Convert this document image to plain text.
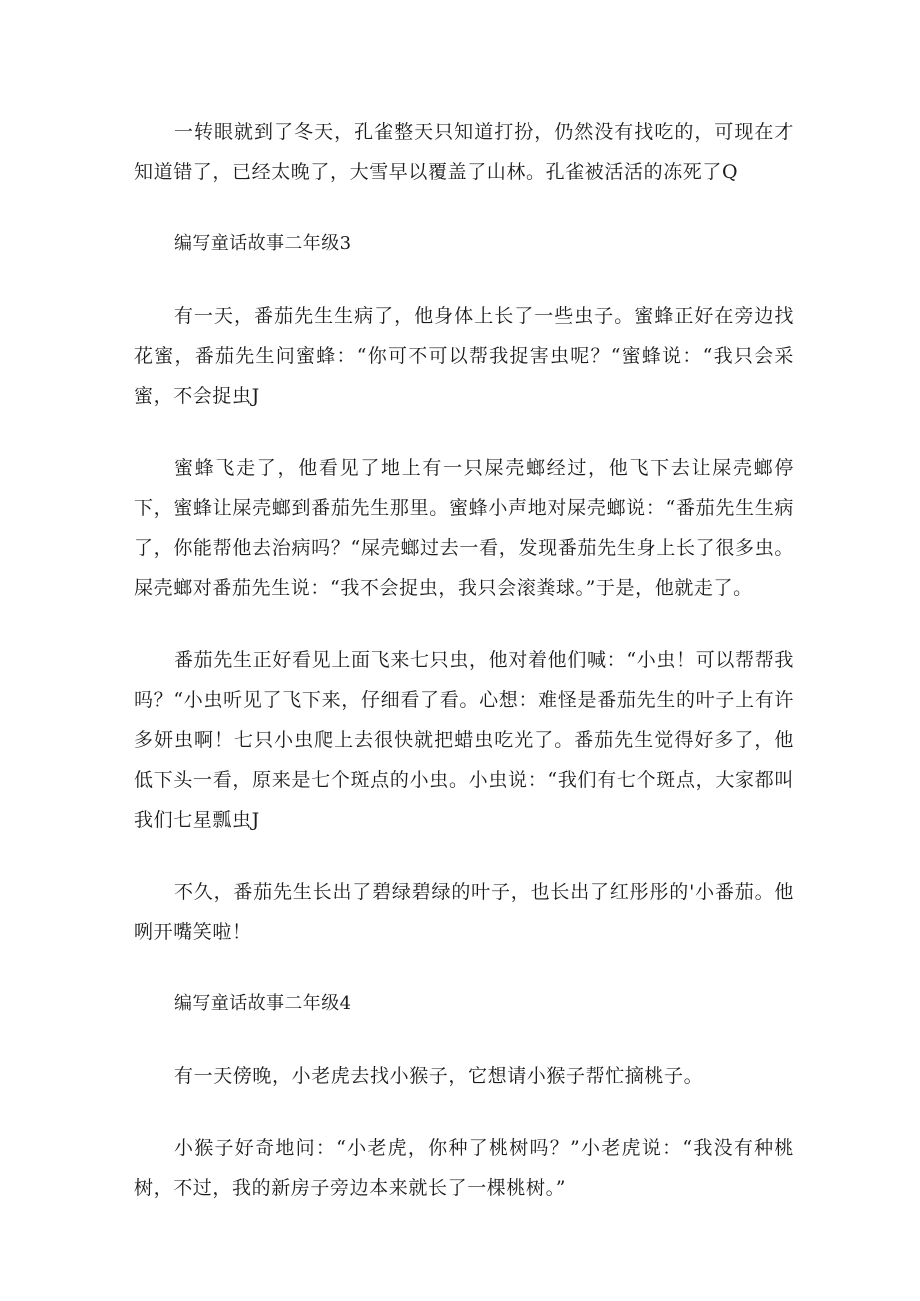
一转眼就到了冬天，孔雀整天只知道打扮，仍然没有找吃的，可现在才知道错了，已经太晚了，大雪早以覆盖了山林。孔雀被活活的冻死了Q

编写童话故事二年级3

有一天，番茄先生生病了，他身体上长了一些虫子。蜜蜂正好在旁边找花蜜，番茄先生问蜜蜂：“你可不可以帮我捉害虫呢？“蜜蜂说：“我只会采蜜，不会捉虫J

蜜蜂飞走了，他看见了地上有一只屎壳螂经过，他飞下去让屎壳螂停下，蜜蜂让屎壳螂到番茄先生那里。蜜蜂小声地对屎壳螂说：“番茄先生生病了，你能帮他去治病吗？“屎壳螂过去一看，发现番茄先生身上长了很多虫。屎壳螂对番茄先生说：“我不会捉虫，我只会滚粪球。”于是，他就走了。

番茄先生正好看见上面飞来七只虫，他对着他们喊：“小虫！可以帮帮我吗？“小虫听见了飞下来，仔细看了看。心想：难怪是番茄先生的叶子上有许多妍虫啊！七只小虫爬上去很快就把蜡虫吃光了。番茄先生觉得好多了，他低下头一看，原来是七个斑点的小虫。小虫说：“我们有七个斑点，大家都叫我们七星瓢虫J

不久，番茄先生长出了碧绿碧绿的叶子，也长出了红彤彤的'小番茄。他咧开嘴笑啦！

编写童话故事二年级4

有一天傍晚，小老虎去找小猴子，它想请小猴子帮忙摘桃子。

小猴子好奇地问：“小老虎，你种了桃树吗？”小老虎说：“我没有种桃树，不过，我的新房子旁边本来就长了一棵桃树。”
